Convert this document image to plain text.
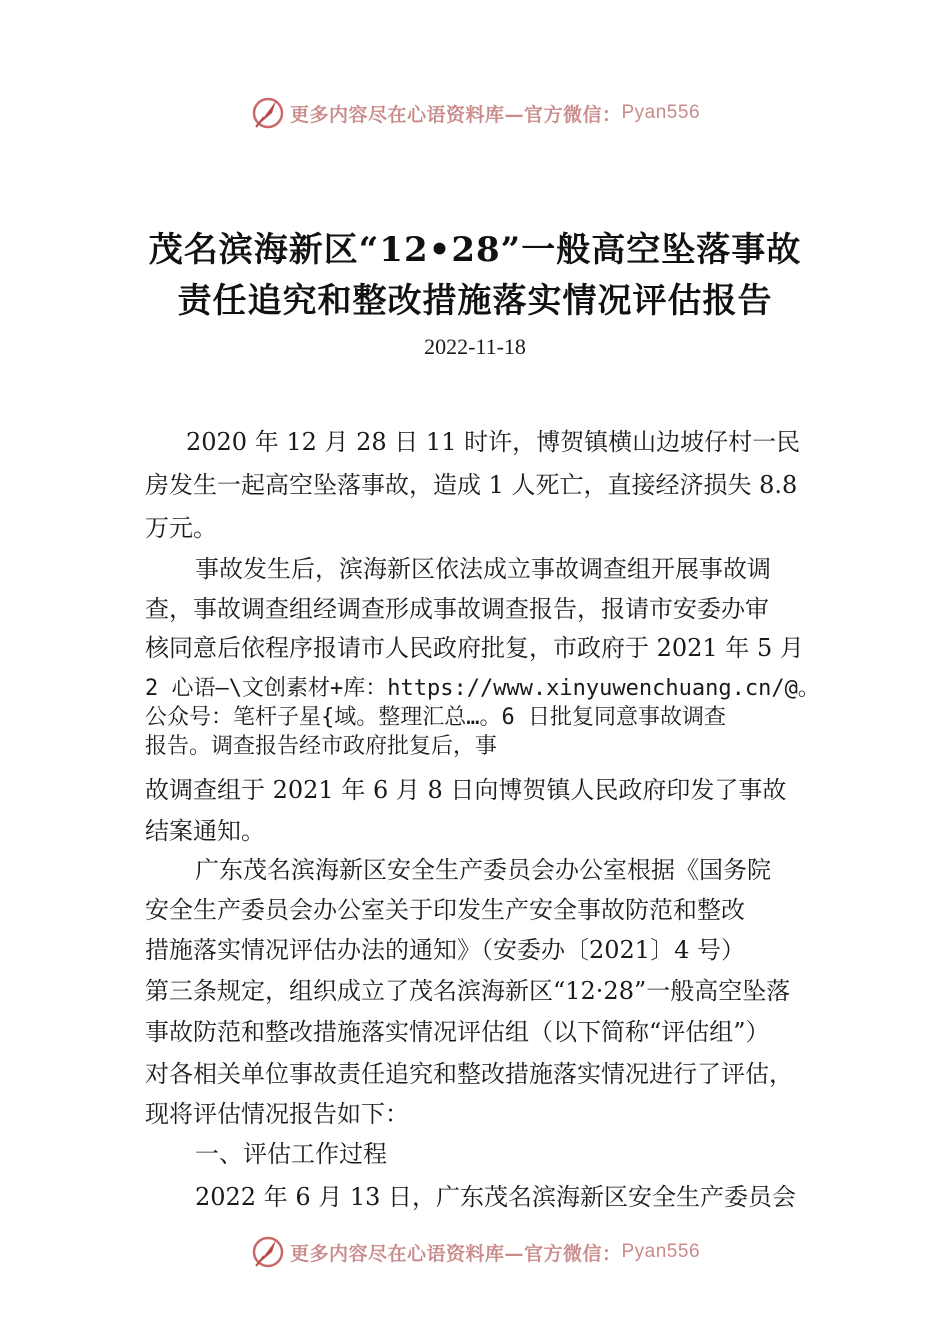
更多内容尽在心语资料库—官方微信： Pyan556
茂名滨海新区“12•28”一般高空坠落事故
责任追究和整改措施落实情况评估报告
2022-11-18
2020 年 12 月 28 日 11 时许，博贺镇横山边坡仔村一民
房发生一起高空坠落事故，造成 1 人死亡，直接经济损失 8.8
万元。
事故发生后，滨海新区依法成立事故调查组开展事故调
查，事故调查组经调查形成事故调查报告，报请市安委办审
核同意后依程序报请市人民政府批复，市政府于 2021 年 5 月
2 心语—\文创素材+库：https://www.xinyuwenchuang.cn/@。
公众号：笔杆子星{域。整理汇总…。6 日批复同意事故调查
报告。调查报告经市政府批复后，事
故调查组于 2021 年 6 月 8 日向博贺镇人民政府印发了事故
结案通知。
广东茂名滨海新区安全生产委员会办公室根据《国务院
安全生产委员会办公室关于印发生产安全事故防范和整改
措施落实情况评估办法的通知》（安委办〔2021〕4 号）
第三条规定，组织成立了茂名滨海新区“12·28”一般高空坠落
事故防范和整改措施落实情况评估组（以下简称“评估组”）
对各相关单位事故责任追究和整改措施落实情况进行了评估，
现将评估情况报告如下：
一、评估工作过程
2022 年 6 月 13 日，广东茂名滨海新区安全生产委员会
更多内容尽在心语资料库—官方微信： Pyan556
